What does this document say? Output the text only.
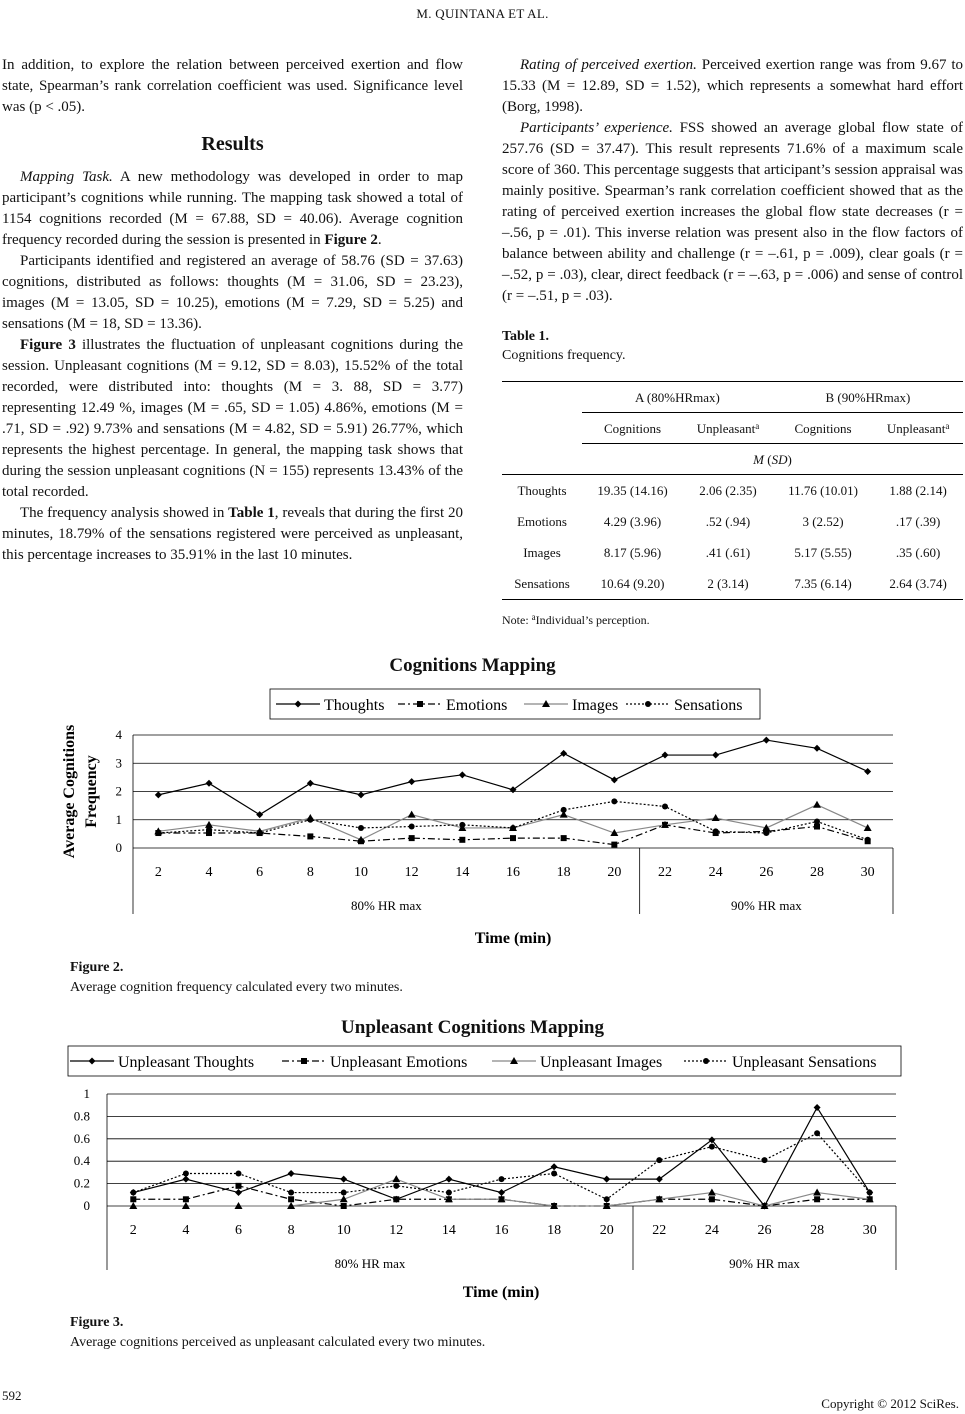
M. QUINTANA ET AL.

In addition, to explore the relation between perceived exertion and flow state, Spearman’s rank correlation coefficient was used. Significance level was (p < .05).

Results

Mapping Task. A new methodology was developed in order to map participant’s cognitions while running. The mapping task showed a total of 1154 cognitions recorded (M = 67.88, SD = 40.06). Average cognition frequency recorded during the session is presented in Figure 2.

Participants identified and registered an average of 58.76 (SD = 37.63) cognitions, distributed as follows: thoughts (M = 31.06, SD = 23.23), images (M = 13.05, SD = 10.25), emotions (M = 7.29, SD = 5.25) and sensations (M = 18, SD = 13.36).

Figure 3 illustrates the fluctuation of unpleasant cognitions during the session. Unpleasant cognitions (M = 9.12, SD = 8.03), 15.52% of the total recorded, were distributed into: thoughts (M = 3. 88, SD = 3.77) representing 12.49 %, images (M = .65, SD = 1.05) 4.86%, emotions (M = .71, SD = .92) 9.73% and sensations (M = 4.82, SD = 5.91) 26.77%, which represents the highest percentage. In general, the mapping task shows that during the session unpleasant cognitions (N = 155) represents 13.43% of the total recorded.

The frequency analysis showed in Table 1, reveals that during the first 20 minutes, 18.79% of the sensations registered were perceived as unpleasant, this percentage increases to 35.91% in the last 10 minutes.

Rating of perceived exertion. Perceived exertion range was from 9.67 to 15.33 (M = 12.89, SD = 1.52), which represents a somewhat hard effort (Borg, 1998).

Participants’ experience. FSS showed an average global flow state of 257.76 (SD = 37.47). This result represents 71.6% of a maximum scale score of 360. This percentage suggests that articipant’s session appraisal was mainly positive. Spearman’s rank correlation coefficient showed that as the rating of perceived exertion increases the global flow state decreases (r = –.56, p = .01). This inverse relation was present also in the flow factors of balance between ability and challenge (r = –.61, p = .009), clear goals (r = –.52, p = .03), clear, direct feedback (r = –.63, p = .006) and sense of control (r = –.51, p = .03).

Table 1.
Cognitions frequency.
	A (80%HRmax)		B (90%HRmax)	
	Cognitions	Unpleasant$^a$	Cognitions	Unpleasant$^a$
	M (SD)			
Thoughts	19.35 (14.16)	2.06 (2.35)	11.76 (10.01)	1.88 (2.14)
Emotions	4.29 (3.96)	.52 (.94)	3 (2.52)	.17 (.39)
Images	8.17 (5.96)	.41 (.61)	5.17 (5.55)	.35 (.60)
Sensations	10.64 (9.20)	2 (3.14)	7.35 (6.14)	2.64 (3.74)
Note: $^a$Individual’s perception.
Cognitions Mapping
Thoughts	Emotions	Images	Sensations
0
1
2
3
4
2	4	6	8	10	12	14	16	18	20	22	24	26	28	30
80% HR max	90% HR max
Time (min)
Average Cognitions Frequency
Figure 2.
Average cognition frequency calculated every two minutes.
Unpleasant Cognitions Mapping
Unpleasant Thoughts	Unpleasant Emotions	Unpleasant Images	Unpleasant Sensations
0
0.2
0.4
0.6
0.8
1
2	4	6	8	10	12	14	16	18	20	22	24	26	28	30
80% HR max	90% HR max
Time (min)
Figure 3.
Average cognitions perceived as unpleasant calculated every two minutes.
592
Copyright © 2012 SciRes.
